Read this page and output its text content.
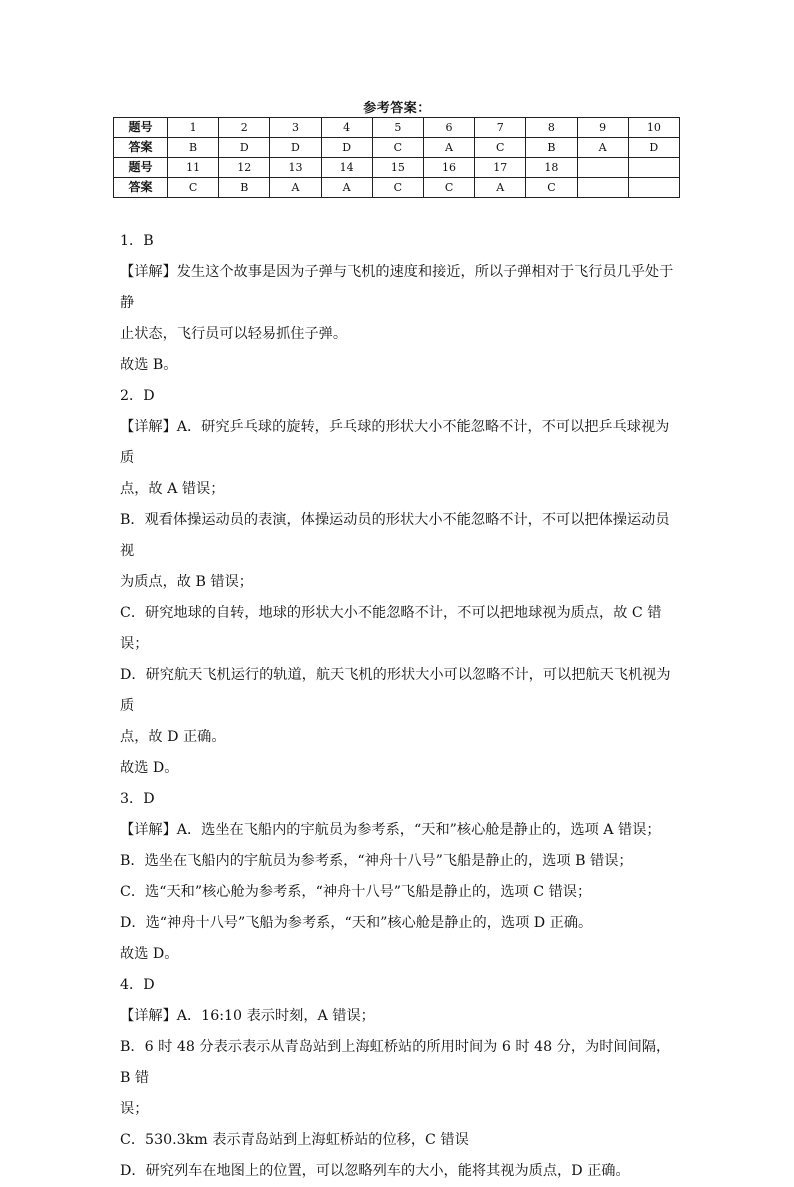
参考答案：
题号	1	2	3	4	5	6	7	8	9	10
答案	B	D	D	D	C	A	C	B	A	D
题号	11	12	13	14	15	16	17	18		
答案	C	B	A	A	C	C	A	C		

1．B

【详解】发生这个故事是因为子弹与飞机的速度和接近，所以子弹相对于飞行员几乎处于静

止状态，飞行员可以轻易抓住子弹。

故选 B。

2．D

【详解】A．研究乒乓球的旋转，乒乓球的形状大小不能忽略不计，不可以把乒乓球视为质

点，故 A 错误；

B．观看体操运动员的表演，体操运动员的形状大小不能忽略不计，不可以把体操运动员视

为质点，故 B 错误；

C．研究地球的自转，地球的形状大小不能忽略不计，不可以把地球视为质点，故 C 错误；

D．研究航天飞机运行的轨道，航天飞机的形状大小可以忽略不计，可以把航天飞机视为质

点，故 D 正确。

故选 D。

3．D

【详解】A．选坐在飞船内的宇航员为参考系，“天和”核心舱是静止的，选项 A 错误；

B．选坐在飞船内的宇航员为参考系，“神舟十八号”飞船是静止的，选项 B 错误；

C．选“天和”核心舱为参考系，“神舟十八号”飞船是静止的，选项 C 错误；

D．选“神舟十八号”飞船为参考系，“天和”核心舱是静止的，选项 D 正确。

故选 D。

4．D

【详解】A．16:10 表示时刻，A 错误；

B．6 时 48 分表示表示从青岛站到上海虹桥站的所用时间为 6 时 48 分，为时间间隔，B 错

误；

C．530.3km 表示青岛站到上海虹桥站的位移，C 错误

D．研究列车在地图上的位置，可以忽略列车的大小，能将其视为质点，D 正确。
